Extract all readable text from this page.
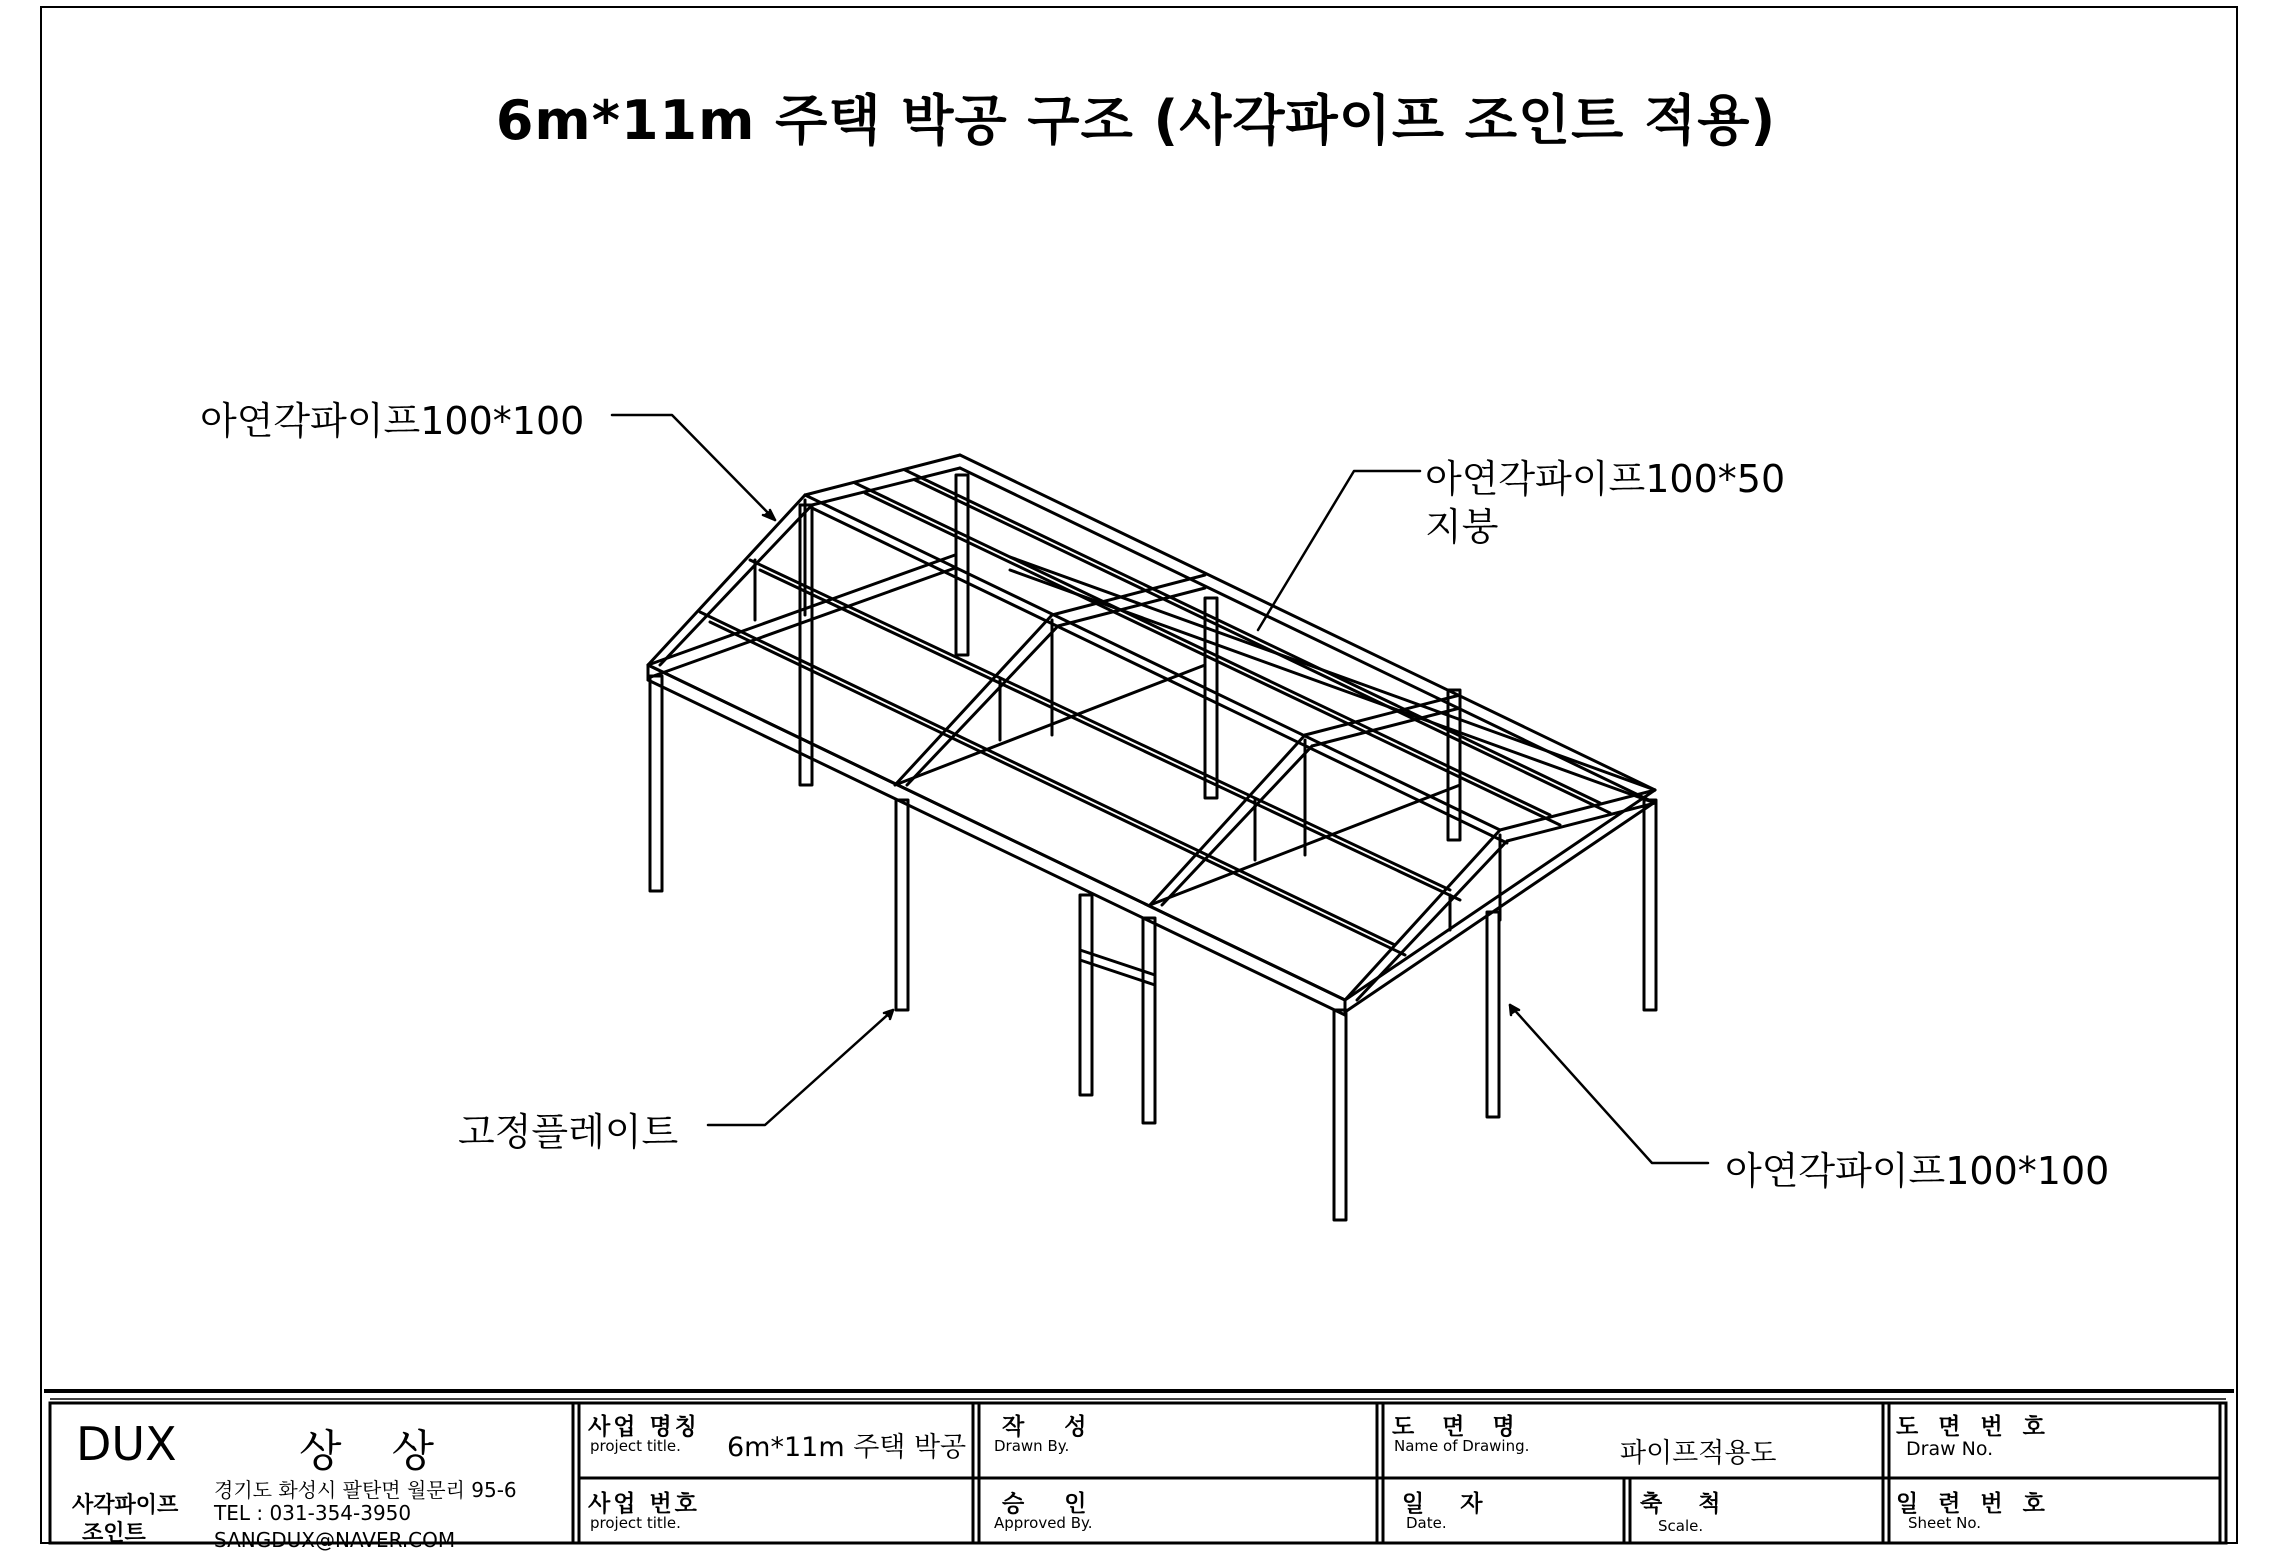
6m*11m 주택 박공 구조 (사각파이프 조인트 적용)
아연각파이프100*100
아연각파이프100*50
지붕
고정플레이트
아연각파이프100*100
DUX	상 상
사각파이프
조인트
경기도 화성시 팔탄면 월문리 95-6
TEL : 031-354-3950
SANGDUX@NAVER.COM
사업 명칭
project title. 6m*11m 주택 박공
사업 번호
project title.
작 성
Drawn By.
승 인
Approved By.
도 면 명
Name of Drawing.	파이프적용도
일 자
Date.
축 척
Scale.
도 면 번 호
Draw No.
일 련 번 호
Sheet No.
